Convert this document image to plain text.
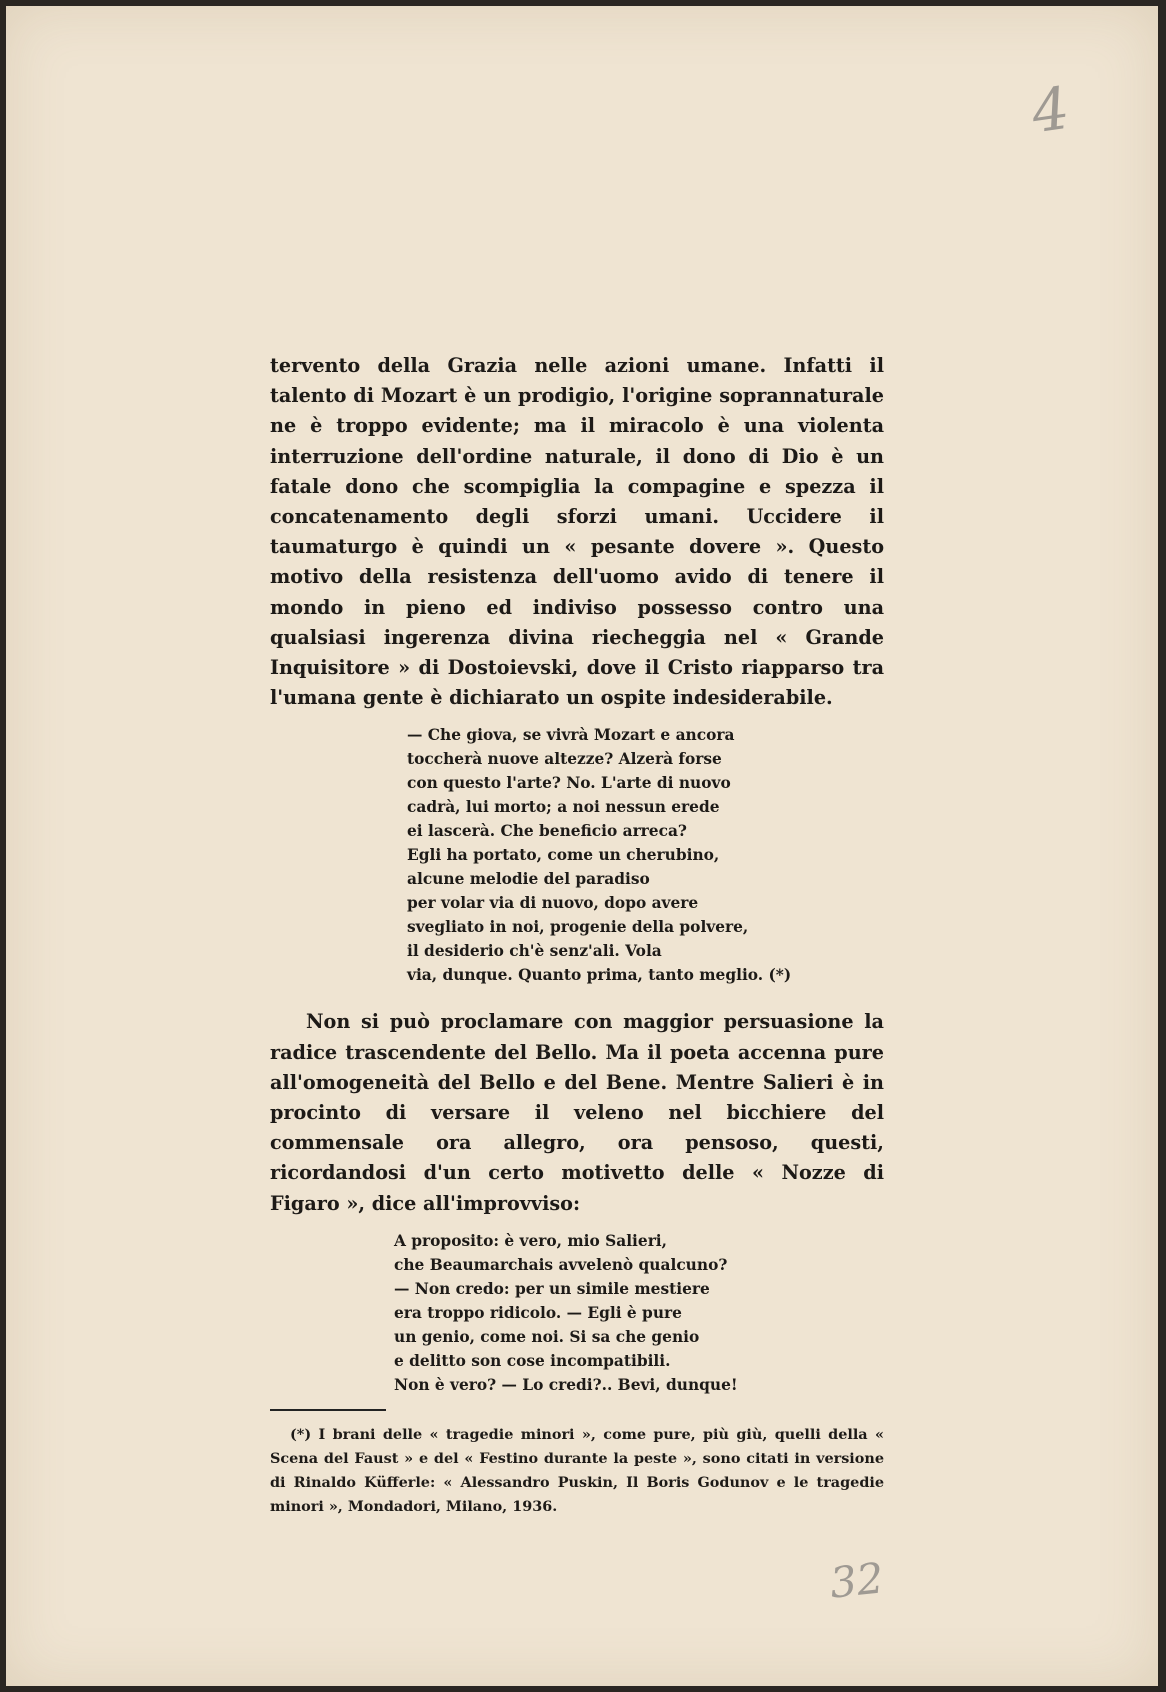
4

tervento della Grazia nelle azioni umane. Infatti il talento di Mozart è un prodigio, l'origine soprannaturale ne è troppo evidente; ma il miracolo è una violenta interruzione dell'ordine naturale, il dono di Dio è un fatale dono che scompiglia la compagine e spezza il concatenamento degli sforzi umani. Uccidere il taumaturgo è quindi un « pesante dovere ». Questo motivo della resistenza dell'uomo avido di tenere il mondo in pieno ed indiviso possesso contro una qualsiasi ingerenza divina riecheggia nel « Grande Inquisitore » di Dostoievski, dove il Cristo riapparso tra l'umana gente è dichiarato un ospite indesiderabile.

— Che giova, se vivrà Mozart e ancora
toccherà nuove altezze? Alzerà forse
con questo l'arte? No. L'arte di nuovo
cadrà, lui morto; a noi nessun erede
ei lascerà. Che beneficio arreca?
Egli ha portato, come un cherubino,
alcune melodie del paradiso
per volar via di nuovo, dopo avere
svegliato in noi, progenie della polvere,
il desiderio ch'è senz'ali. Vola
via, dunque. Quanto prima, tanto meglio. (*)

Non si può proclamare con maggior persuasione la radice trascendente del Bello. Ma il poeta accenna pure all'omogeneità del Bello e del Bene. Mentre Salieri è in procinto di versare il veleno nel bicchiere del commensale ora allegro, ora pensoso, questi, ricordandosi d'un certo motivetto delle « Nozze di Figaro », dice all'improvviso:

A proposito: è vero, mio Salieri,
che Beaumarchais avvelenò qualcuno?
— Non credo: per un simile mestiere
era troppo ridicolo. — Egli è pure
un genio, come noi. Si sa che genio
e delitto son cose incompatibili.
Non è vero? — Lo credi?.. Bevi, dunque!

(*) I brani delle « tragedie minori », come pure, più giù, quelli della « Scena del Faust » e del « Festino durante la peste », sono citati in versione di Rinaldo Küfferle: « Alessandro Puskin, Il Boris Godunov e le tragedie minori », Mondadori, Milano, 1936.

32
